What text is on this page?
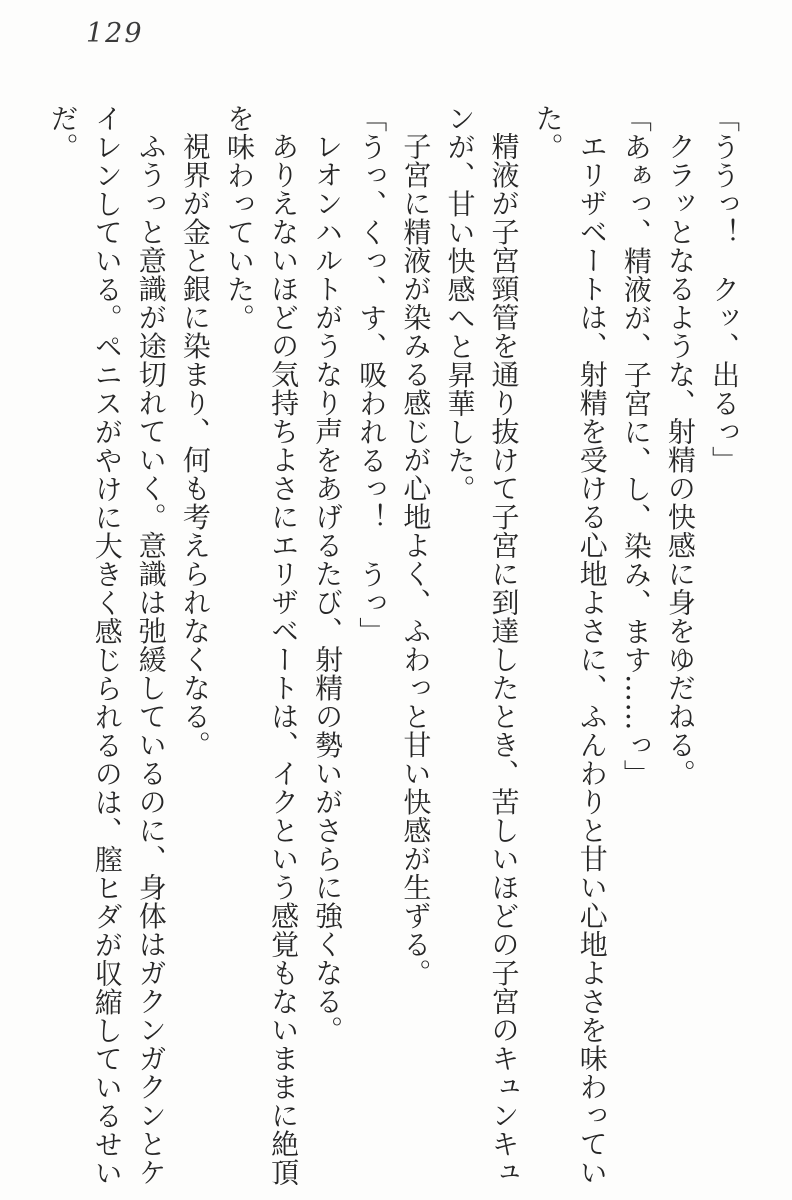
129
「ううっ！　クッ、出るっ」
クラッとなるような、射精の快感に身をゆだねる。
「あぁっ、精液が、子宮に、し、染み、ます……っ」
エリザベートは、射精を受ける心地よさに、ふんわりと甘い心地よさを味わってい
た。
精液が子宮頸管を通り抜けて子宮に到達したとき、苦しいほどの子宮のキュンキュ
ンが、甘い快感へと昇華した。
子宮に精液が染みる感じが心地よく、ふわっと甘い快感が生ずる。
「うっ、くっ、す、吸われるっ！　うっ」
レオンハルトがうなり声をあげるたび、射精の勢いがさらに強くなる。
ありえないほどの気持ちよさにエリザベートは、イクという感覚もないままに絶頂
を味わっていた。
視界が金と銀に染まり、何も考えられなくなる。
ふうっと意識が途切れていく。意識は弛緩しているのに、身体はガクンガクンとケ
イレンしている。ペニスがやけに大きく感じられるのは、膣ヒダが収縮しているせい
だ。
